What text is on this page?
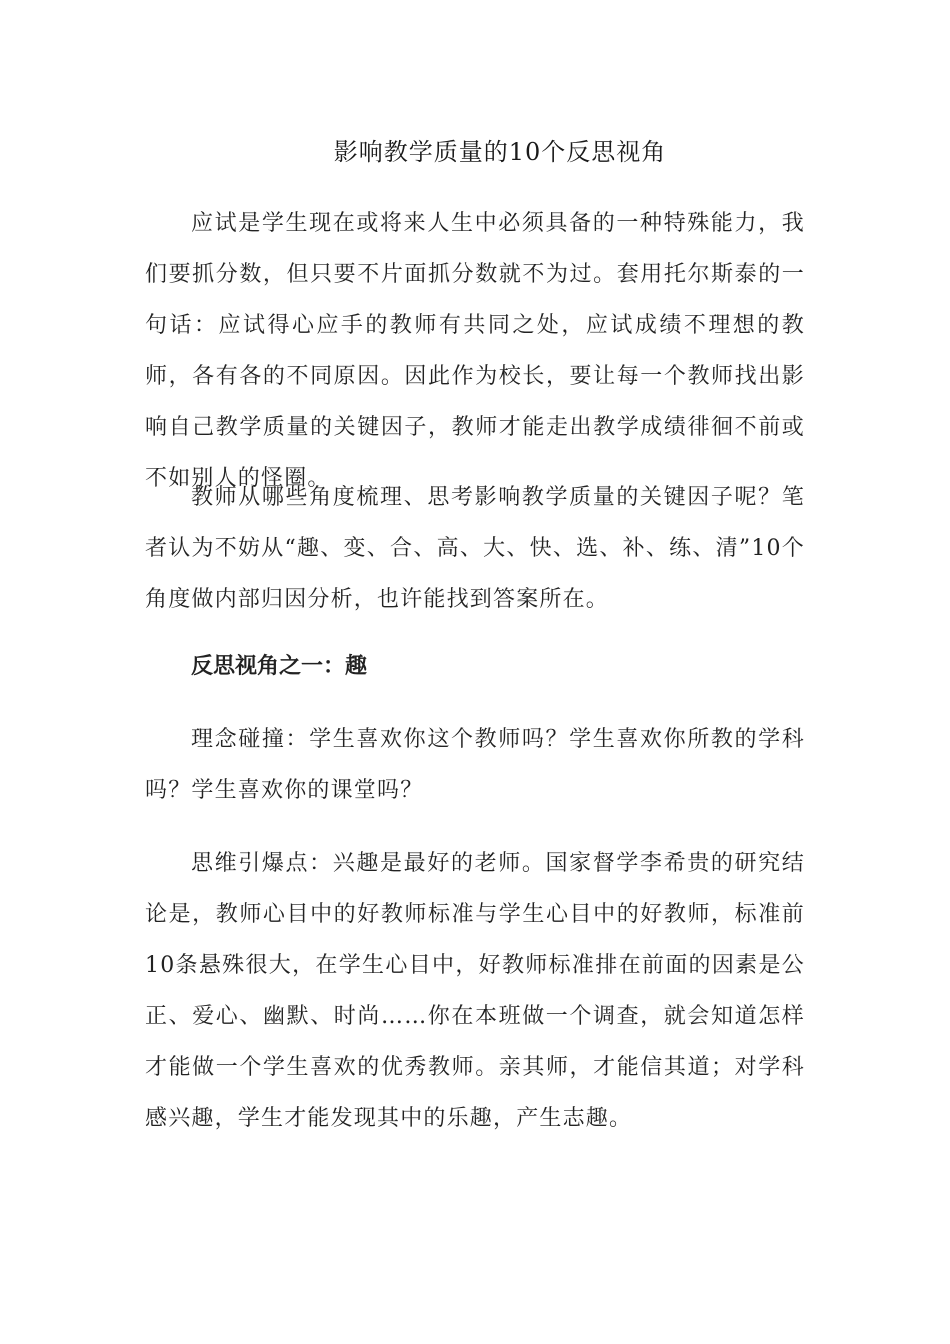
影响教学质量的10个反思视角

应试是学生现在或将来人生中必须具备的一种特殊能力，我们要抓分数，但只要不片面抓分数就不为过。套用托尔斯泰的一句话：应试得心应手的教师有共同之处，应试成绩不理想的教师，各有各的不同原因。因此作为校长，要让每一个教师找出影响自己教学质量的关键因子，教师才能走出教学成绩徘徊不前或不如别人的怪圈。

教师从哪些角度梳理、思考影响教学质量的关键因子呢？笔者认为不妨从“趣、变、合、高、大、快、选、补、练、清”10个角度做内部归因分析，也许能找到答案所在。

反思视角之一：趣

理念碰撞：学生喜欢你这个教师吗？学生喜欢你所教的学科吗？学生喜欢你的课堂吗？

思维引爆点：兴趣是最好的老师。国家督学李希贵的研究结论是，教师心目中的好教师标准与学生心目中的好教师，标准前10条悬殊很大，在学生心目中，好教师标准排在前面的因素是公正、爱心、幽默、时尚……你在本班做一个调查，就会知道怎样才能做一个学生喜欢的优秀教师。亲其师，才能信其道；对学科感兴趣，学生才能发现其中的乐趣，产生志趣。
